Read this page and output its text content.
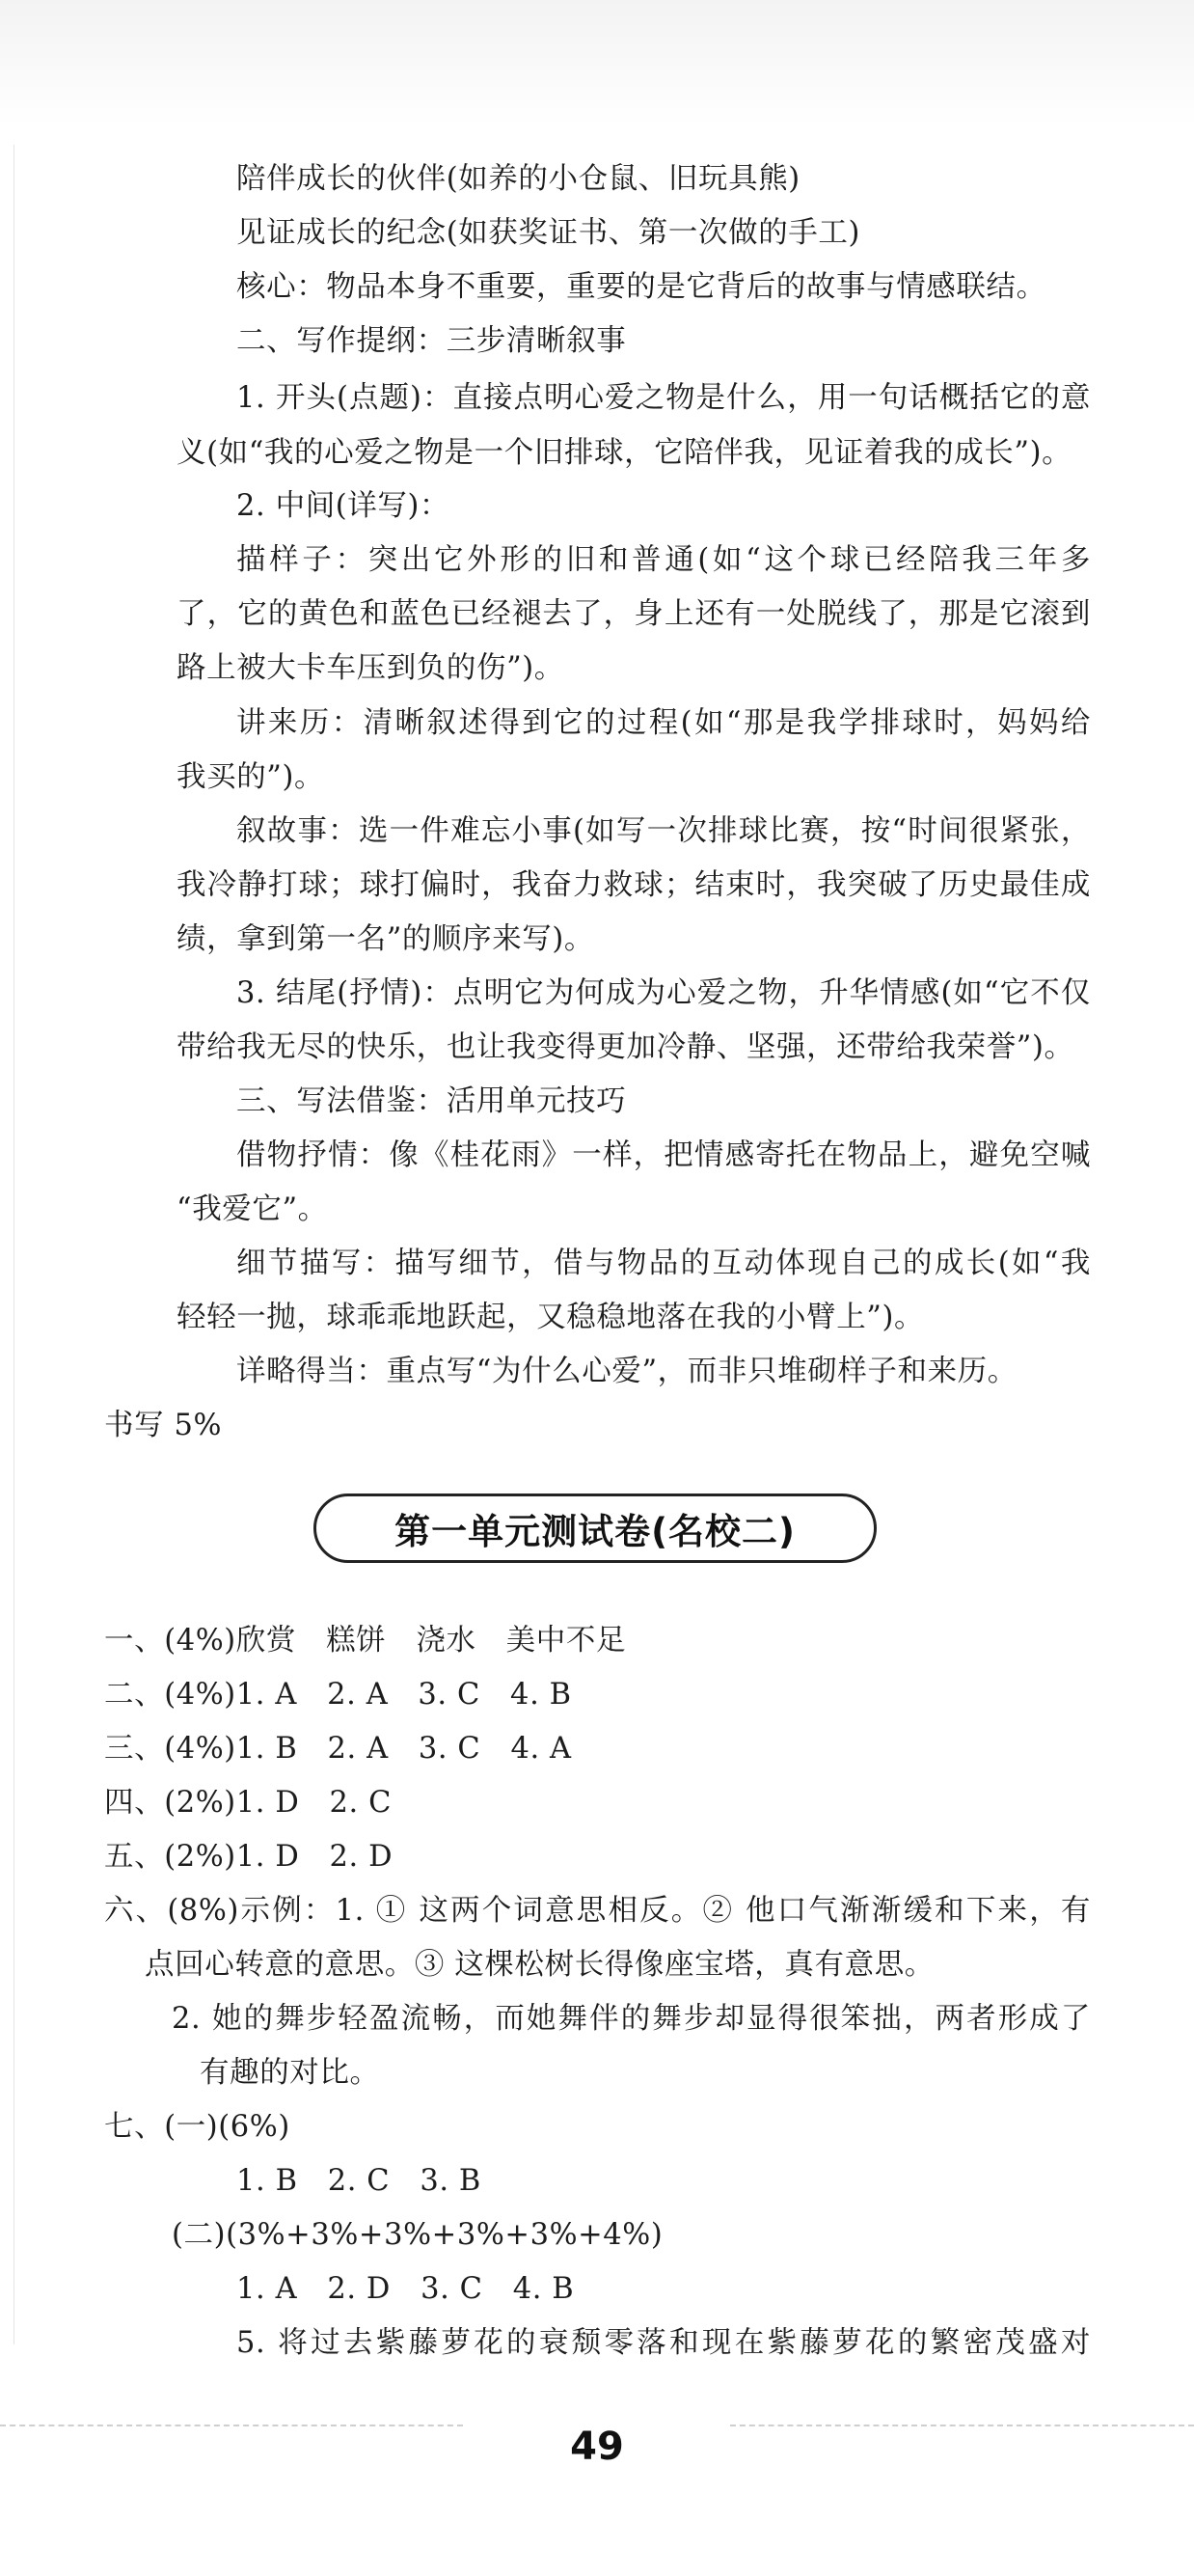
陪伴成长的伙伴(如养的小仓鼠、旧玩具熊)
见证成长的纪念(如获奖证书、第一次做的手工)
核心：物品本身不重要，重要的是它背后的故事与情感联结。
二、写作提纲：三步清晰叙事
1. 开头(点题)：直接点明心爱之物是什么，用一句话概括它的意
义(如“我的心爱之物是一个旧排球，它陪伴我，见证着我的成长”)。
2. 中间(详写)：
描样子：突出它外形的旧和普通(如“这个球已经陪我三年多
了，它的黄色和蓝色已经褪去了，身上还有一处脱线了，那是它滚到
路上被大卡车压到负的伤”)。
讲来历：清晰叙述得到它的过程(如“那是我学排球时，妈妈给
我买的”)。
叙故事：选一件难忘小事(如写一次排球比赛，按“时间很紧张，
我冷静打球；球打偏时，我奋力救球；结束时，我突破了历史最佳成
绩，拿到第一名”的顺序来写)。
3. 结尾(抒情)：点明它为何成为心爱之物，升华情感(如“它不仅
带给我无尽的快乐，也让我变得更加冷静、坚强，还带给我荣誉”)。
三、写法借鉴：活用单元技巧
借物抒情：像《桂花雨》一样，把情感寄托在物品上，避免空喊
“我爱它”。
细节描写：描写细节，借与物品的互动体现自己的成长(如“我
轻轻一抛，球乖乖地跃起，又稳稳地落在我的小臂上”)。
详略得当：重点写“为什么心爱”，而非只堆砌样子和来历。
书写 5%
第一单元测试卷(名校二)
一、(4%)欣赏　糕饼　浇水　美中不足
二、(4%)1. A　2. A　3. C　4. B
三、(4%)1. B　2. A　3. C　4. A
四、(2%)1. D　2. C
五、(2%)1. D　2. D
六、(8%)示例：1. ① 这两个词意思相反。② 他口气渐渐缓和下来，有
点回心转意的意思。③ 这棵松树长得像座宝塔，真有意思。
2. 她的舞步轻盈流畅，而她舞伴的舞步却显得很笨拙，两者形成了
有趣的对比。
七、(一)(6%)
1. B　2. C　3. B
(二)(3%+3%+3%+3%+3%+4%)
1. A　2. D　3. C　4. B
5. 将过去紫藤萝花的衰颓零落和现在紫藤萝花的繁密茂盛对
49
